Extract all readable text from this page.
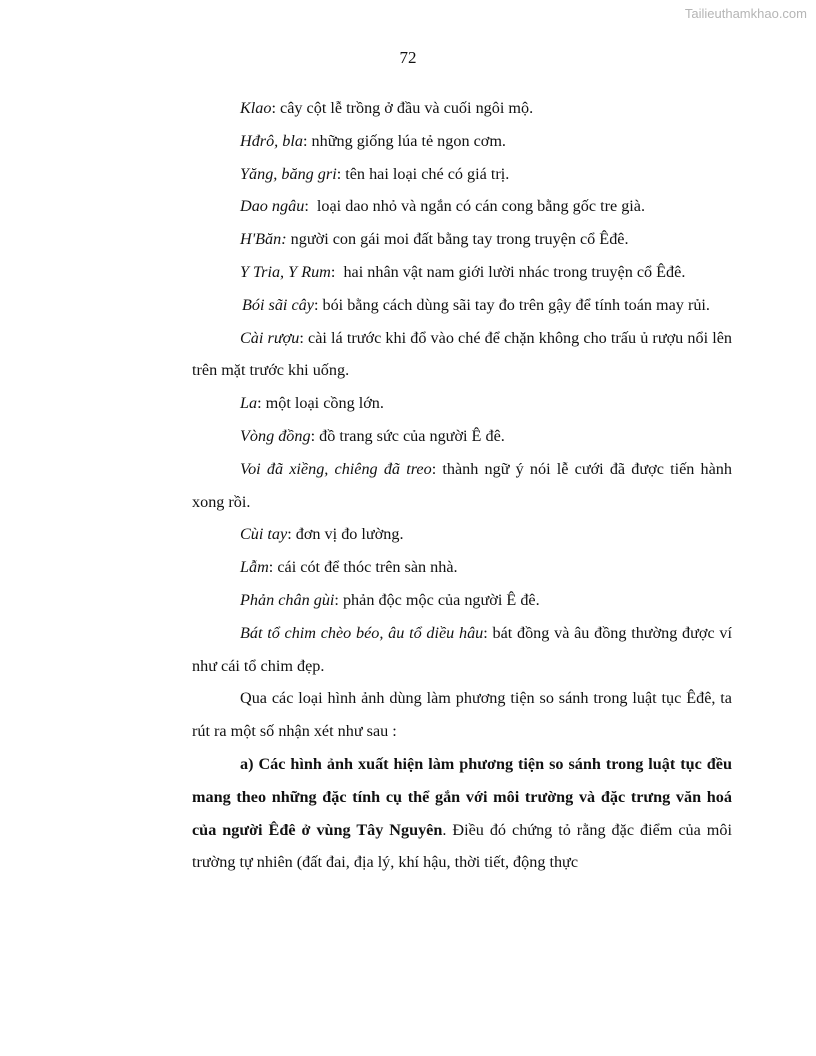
Tailieuthamkhao.com
72

Klao: cây cột lễ trồng ở đầu và cuối ngôi mộ.

Hđrô, bla: những giống lúa tẻ ngon cơm.

Yăng, băng gri: tên hai loại ché có giá trị.

Dao ngâu:  loại dao nhỏ và ngắn có cán cong bằng gốc tre già.

H'Băn: người con gái moi đất bằng tay trong truyện cổ Êđê.

Y Tria, Y Rum:  hai nhân vật nam giới lười nhác trong truyện cổ Êđê.

Bói sãi cây: bói bằng cách dùng sãi tay đo trên gậy để tính toán may rủi.

Cài rượu: cài lá trước khi đổ vào ché để chặn không cho trấu ủ rượu nổi lên trên mặt trước khi uống.

La: một loại cồng lớn.

Vòng đồng: đồ trang sức của người Ê đê.

Voi đã xiềng, chiêng đã treo: thành ngữ ý nói lễ cưới đã được tiến hành xong rồi.

Cùi tay: đơn vị đo lường.

Lẫm: cái cót để thóc trên sàn nhà.

Phản chân gùi: phản độc mộc của người Ê đê.

Bát tổ chim chèo béo, âu tổ diều hâu: bát đồng và âu đồng thường được ví như cái tổ chim đẹp.

Qua các loại hình ảnh dùng làm phương tiện so sánh trong luật tục Êđê, ta rút ra một số nhận xét như sau :

a) Các hình ảnh xuất hiện làm phương tiện so sánh trong luật tục đều mang theo những đặc tính cụ thể gắn với môi trường và đặc trưng văn hoá của người Êđê ở vùng Tây Nguyên. Điều đó chứng tỏ rằng đặc điểm của môi trường tự nhiên (đất đai, địa lý, khí hậu, thời tiết, động thực
